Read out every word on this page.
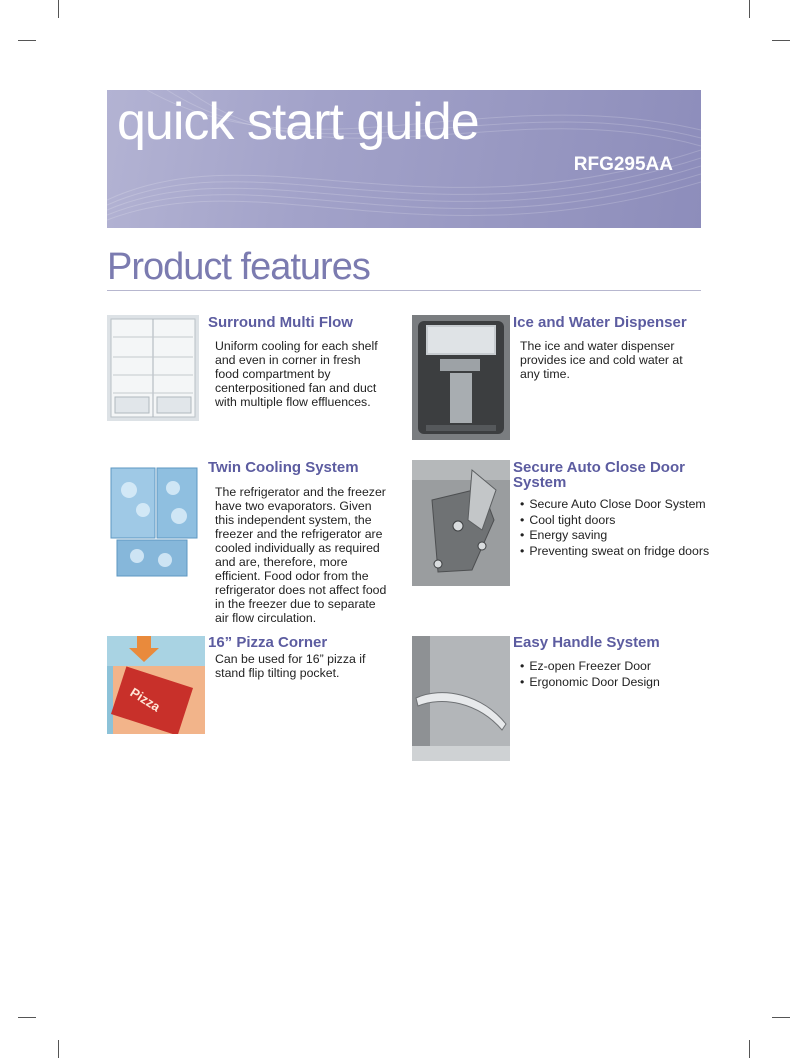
quick start guide
RFG295AA
Product features
Surround Multi Flow
Uniform cooling for each shelf and even in corner in fresh food compartment by centerpositioned fan and duct with multiple flow effluences.
Ice and Water Dispenser
The ice and water dispenser provides ice and cold water at any time.
Twin Cooling System
The refrigerator and the freezer have two evaporators. Given this independent system, the freezer and the refrigerator are cooled individually as required and are, therefore, more efficient. Food odor from the refrigerator does not affect food in the freezer due to separate air flow circulation.
Secure Auto Close Door System
• Secure Auto Close Door System
• Cool tight doors
• Energy saving
• Preventing sweat on fridge doors
Pizza
16” Pizza Corner
Can be used for 16” pizza if stand flip tilting pocket.
Easy Handle System
• Ez-open Freezer Door
• Ergonomic Door Design
